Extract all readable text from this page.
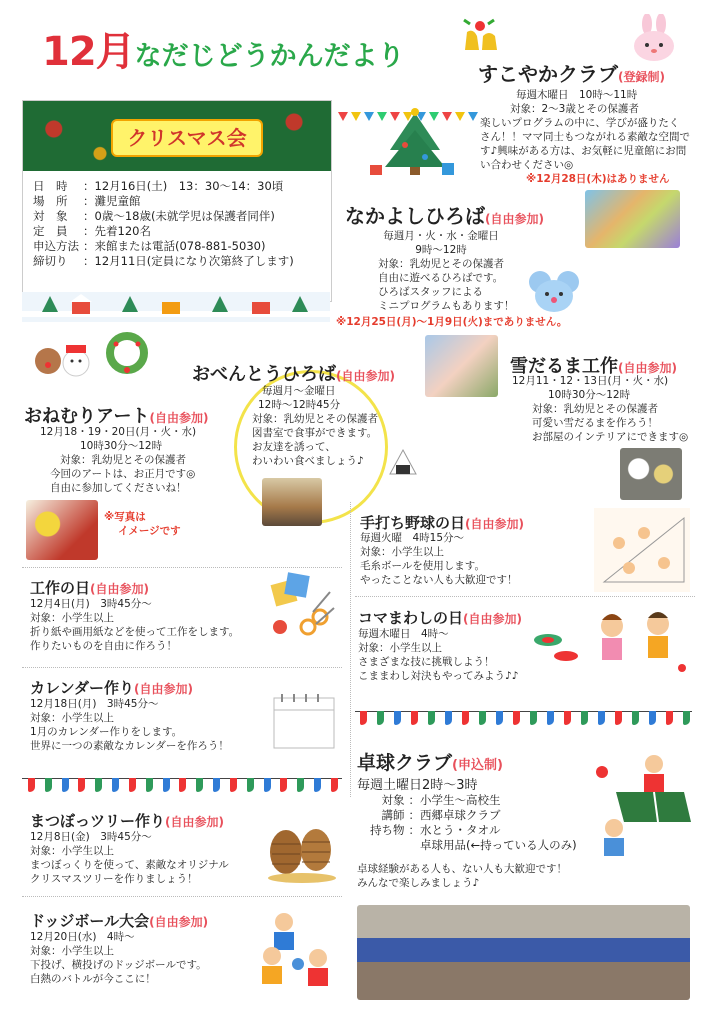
12月なだじどうかんだより
すこやかクラブ(登録制)
毎週木曜日　10時～11時
対象：2～3歳とその保護者
楽しいプログラムの中に、学びが盛りたく
さん！！ママ同士もつながれる素敵な空間で
す♪興味がある方は、お気軽に児童館にお問
い合わせください◎
※12月28日(木)はありません
クリスマス会
日　時	：12月16日(土)　13：30～14：30頃
場　所	：灘児童館
対　象	：0歳～18歳(未就学児は保護者同伴)
定　員	：先着120名
申込方法	：来館または電話(078-881-5030)
締切り	：12月11日(定員になり次第終了します)
なかよしひろば(自由参加)
毎週月・火・水・金曜日
9時～12時
対象：乳幼児とその保護者
自由に遊べるひろばです。
ひろばスタッフによる
ミニプログラムもあります！
※12月25日(月)～1月9日(火)までありません。
おべんとうひろば(自由参加)
毎週月～金曜日
12時～12時45分
対象：乳幼児とその保護者
図書室で食事ができます。
お友達を誘って、
わいわい食べましょう♪
雪だるま工作(自由参加)
12月11・12・13日(月・火・水)
10時30分～12時
対象：乳幼児とその保護者
可愛い雪だるまを作ろう！
お部屋のインテリアにできます◎
おねむりアート(自由参加)
12月18・19・20日(月・火・水)
10時30分～12時
対象：乳幼児とその保護者
今回のアートは、お正月です◎
自由に参加してくださいね！
※写真は
イメージです	手打ち野球の日(自由参加)
毎週火曜　4時15分～
対象：小学生以上
毛糸ボールを使用します。
やったことない人も大歓迎です！
工作の日(自由参加)
12月4日(月)　3時45分～
対象：小学生以上
折り紙や画用紙などを使って工作をします。
作りたいものを自由に作ろう！
コマまわしの日(自由参加)
毎週木曜日　4時～
対象：小学生以上
さまざまな技に挑戦しよう！
こままわし対決もやってみよう♪♪
カレンダー作り(自由参加)
12月18日(月)　3時45分～
対象：小学生以上
1月のカレンダー作りをします。
世界に一つの素敵なカレンダーを作ろう！
卓球クラブ(申込制)
毎週土曜日2時～3時
対象	：小学生～高校生
講師	：西郷卓球クラブ
持ち物	：水とう・タオル
	　卓球用品(←持っている人のみ)
卓球経験がある人も、ない人も大歓迎です！
みんなで楽しみましょう♪
まつぼっツリー作り(自由参加)
12月8日(金)　3時45分～
対象：小学生以上
まつぼっくりを使って、素敵なオリジナル
クリスマスツリーを作りましょう！
ドッジボール大会(自由参加)
12月20日(水)　4時～
対象：小学生以上
下投げ、横投げのドッジボールです。
白熱のバトルが今ここに！
